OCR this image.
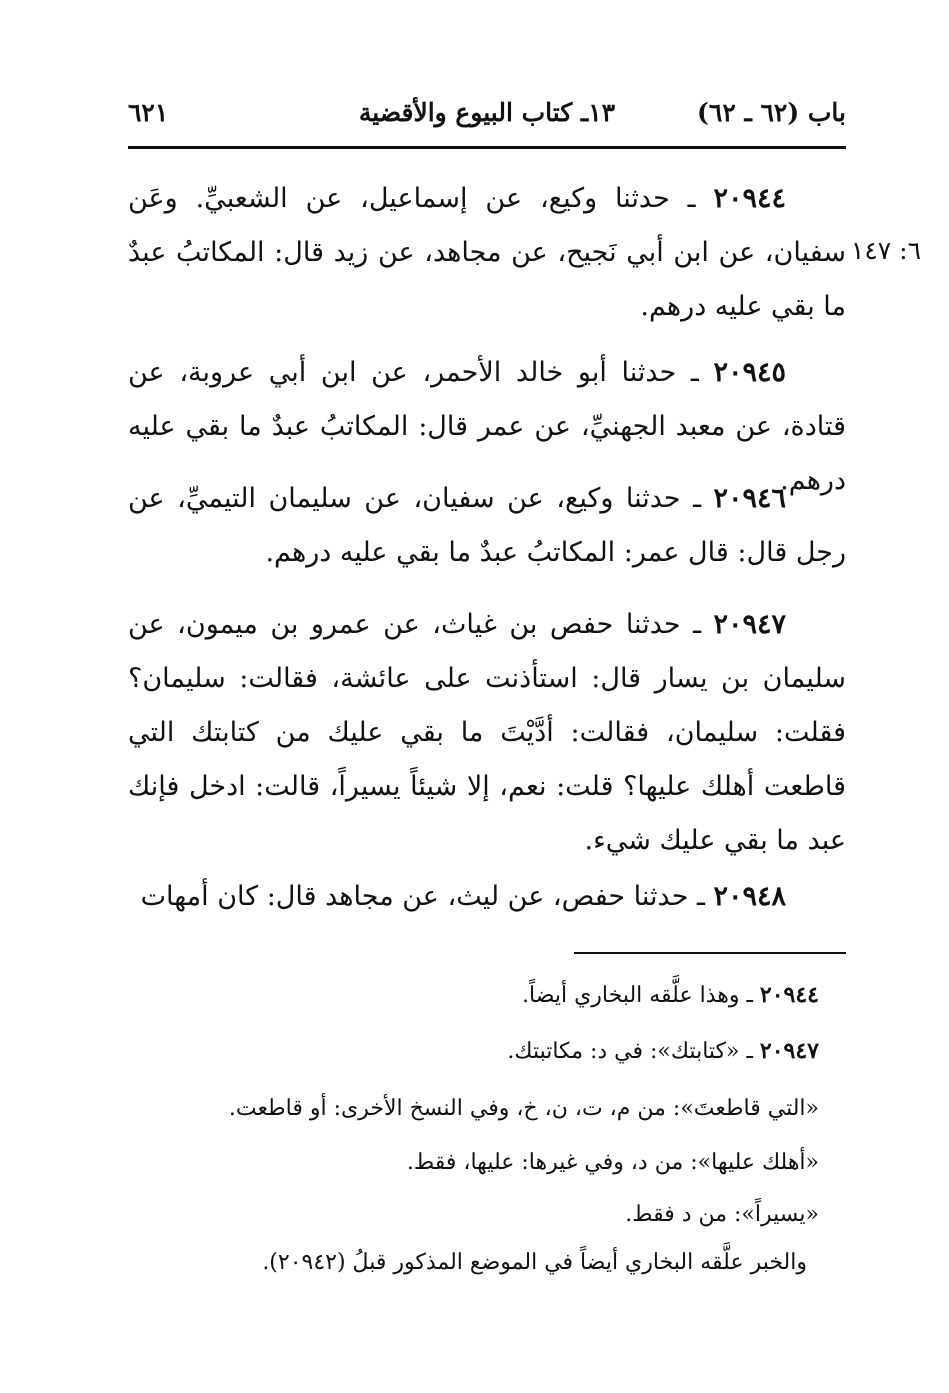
باب (٦٢ ـ ٦٢)
١٣ـ كتاب البيوع والأقضية
٦٢١
٦: ١٤٧
٢٠٩٤٤ ـ حدثنا وكيع، عن إسماعيل، عن الشعبيِّ. وعَن سفيان، عن ابن أبي نَجيح، عن مجاهد، عن زيد قال: المكاتبُ عبدٌ ما بقي عليه درهم.
٢٠٩٤٥ ـ حدثنا أبو خالد الأحمر، عن ابن أبي عروبة، عن قتادة، عن معبد الجهنيِّ، عن عمر قال: المكاتبُ عبدٌ ما بقي عليه درهم.
٢٠٩٤٦ ـ حدثنا وكيع، عن سفيان، عن سليمان التيميِّ، عن رجل قال: قال عمر: المكاتبُ عبدٌ ما بقي عليه درهم.
٢٠٩٤٧ ـ حدثنا حفص بن غياث، عن عمرو بن ميمون، عن سليمان بن يسار قال: استأذنت على عائشة، فقالت: سليمان؟ فقلت: سليمان، فقالت: أدَّيْتَ ما بقي عليك من كتابتك التي قاطعت أهلك عليها؟ قلت: نعم، إلا شيئاً يسيراً، قالت: ادخل فإنك عبد ما بقي عليك شيء.
٢٠٩٤٨ ـ حدثنا حفص، عن ليث، عن مجاهد قال: كان أمهات
٢٠٩٤٤ ـ وهذا علَّقه البخاري أيضاً.
٢٠٩٤٧ ـ «كتابتك»: في د: مكاتبتك.
«التي قاطعتَ»: من م، ت، ن، خ، وفي النسخ الأخرى: أو قاطعت.
«أهلك عليها»: من د، وفي غيرها: عليها، فقط.
«يسيراً»: من د فقط.
والخبر علَّقه البخاري أيضاً في الموضع المذكور قبلُ (٢٠٩٤٢).
